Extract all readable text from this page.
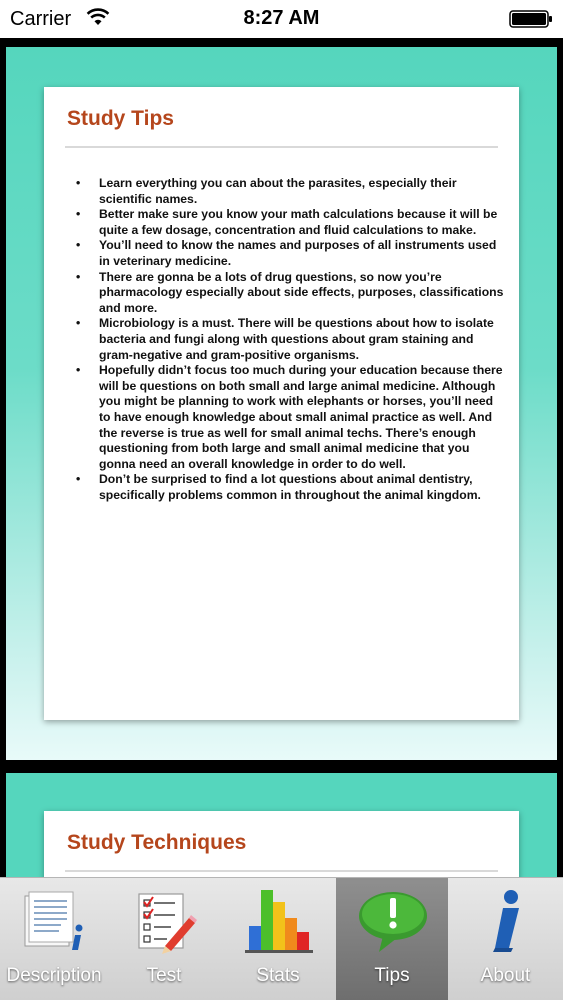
Carrier	8:27 AM
Study Tips
• Learn everything you can about the parasites, especially their scientific names.
• Better make sure you know your math calculations because it will be quite a few dosage, concentration and fluid calculations to make.
• You’ll need to know the names and purposes of all instruments used in veterinary medicine.
• There are gonna be a lots of drug questions, so now you’re pharmacology especially about side effects, purposes, classifications and more.
• Microbiology is a must. There will be questions about how to isolate bacteria and fungi along with questions about gram staining and gram-negative and gram-positive organisms.
• Hopefully didn’t focus too much during your education because there will be questions on both small and large animal medicine. Although you might be planning to work with elephants or horses, you’ll need to have enough knowledge about small animal practice as well. And the reverse is true as well for small animal techs. There’s enough questioning from both large and small animal medicine that you gonna need an overall knowledge in order to do well.
• Don’t be surprised to find a lot questions about animal dentistry, specifically problems common in throughout the animal kingdom.
Study Techniques
Description	Test	Stats	Tips	About
